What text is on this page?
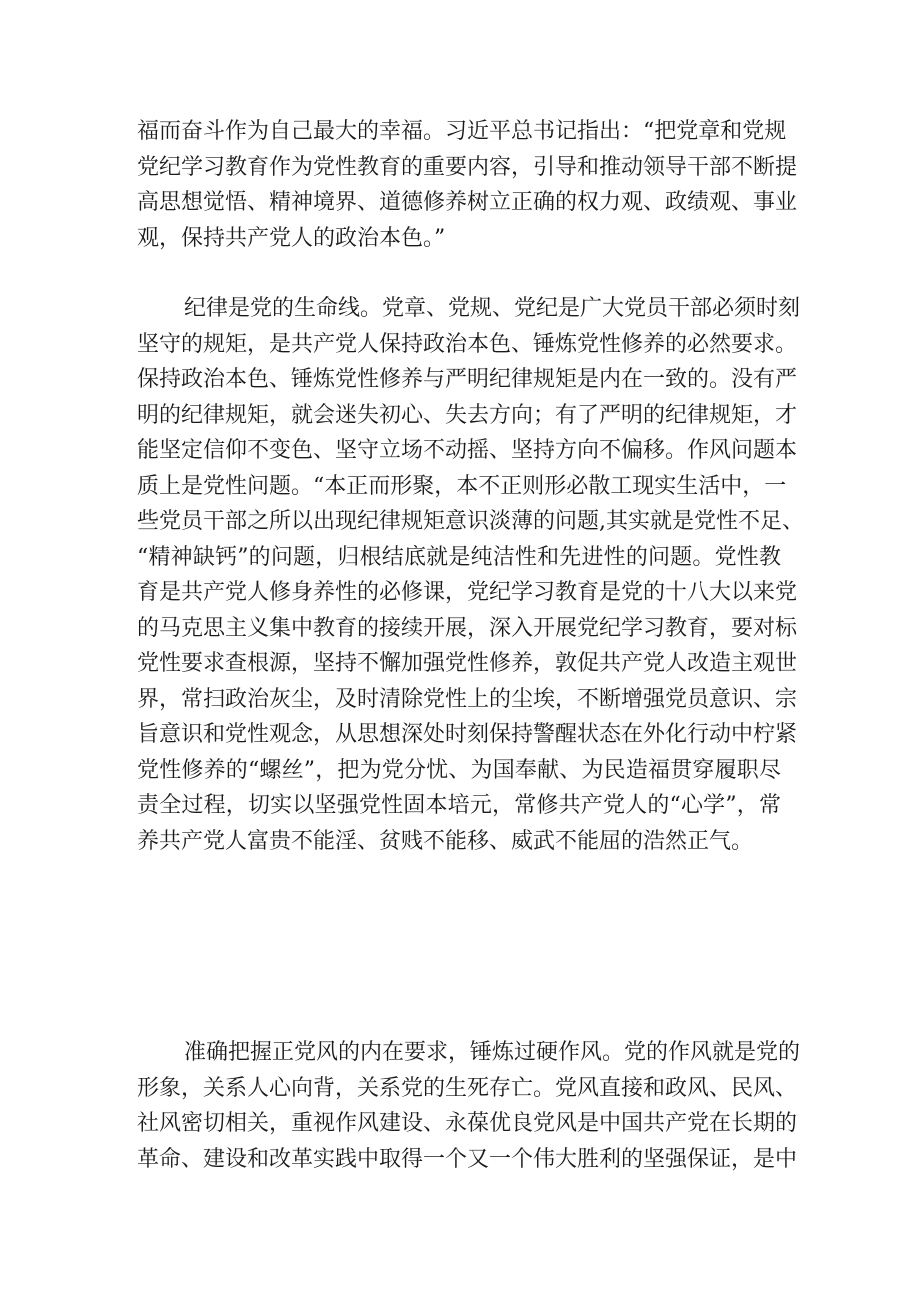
福而奋斗作为自己最大的幸福。习近平总书记指出：“把党章和党规
党纪学习教育作为党性教育的重要内容，引导和推动领导干部不断提
高思想觉悟、精神境界、道德修养树立正确的权力观、政绩观、事业
观，保持共产党人的政治本色。”
纪律是党的生命线。党章、党规、党纪是广大党员干部必须时刻
坚守的规矩，是共产党人保持政治本色、锤炼党性修养的必然要求。
保持政治本色、锤炼党性修养与严明纪律规矩是内在一致的。没有严
明的纪律规矩，就会迷失初心、失去方向；有了严明的纪律规矩，才
能坚定信仰不变色、坚守立场不动摇、坚持方向不偏移。作风问题本
质上是党性问题。“本正而形聚，本不正则形必散工现实生活中，一
些党员干部之所以出现纪律规矩意识淡薄的问题,其实就是党性不足、
“精神缺钙”的问题，归根结底就是纯洁性和先进性的问题。党性教
育是共产党人修身养性的必修课，党纪学习教育是党的十八大以来党
的马克思主义集中教育的接续开展，深入开展党纪学习教育，要对标
党性要求查根源，坚持不懈加强党性修养，敦促共产党人改造主观世
界，常扫政治灰尘，及时清除党性上的尘埃，不断增强党员意识、宗
旨意识和党性观念，从思想深处时刻保持警醒状态在外化行动中柠紧
党性修养的“螺丝”，把为党分忧、为国奉献、为民造福贯穿履职尽
责全过程，切实以坚强党性固本培元，常修共产党人的“心学”，常
养共产党人富贵不能淫、贫贱不能移、威武不能屈的浩然正气。
准确把握正党风的内在要求，锤炼过硬作风。党的作风就是党的
形象，关系人心向背，关系党的生死存亡。党风直接和政风、民风、
社风密切相关，重视作风建设、永葆优良党风是中国共产党在长期的
革命、建设和改革实践中取得一个又一个伟大胜利的坚强保证，是中
